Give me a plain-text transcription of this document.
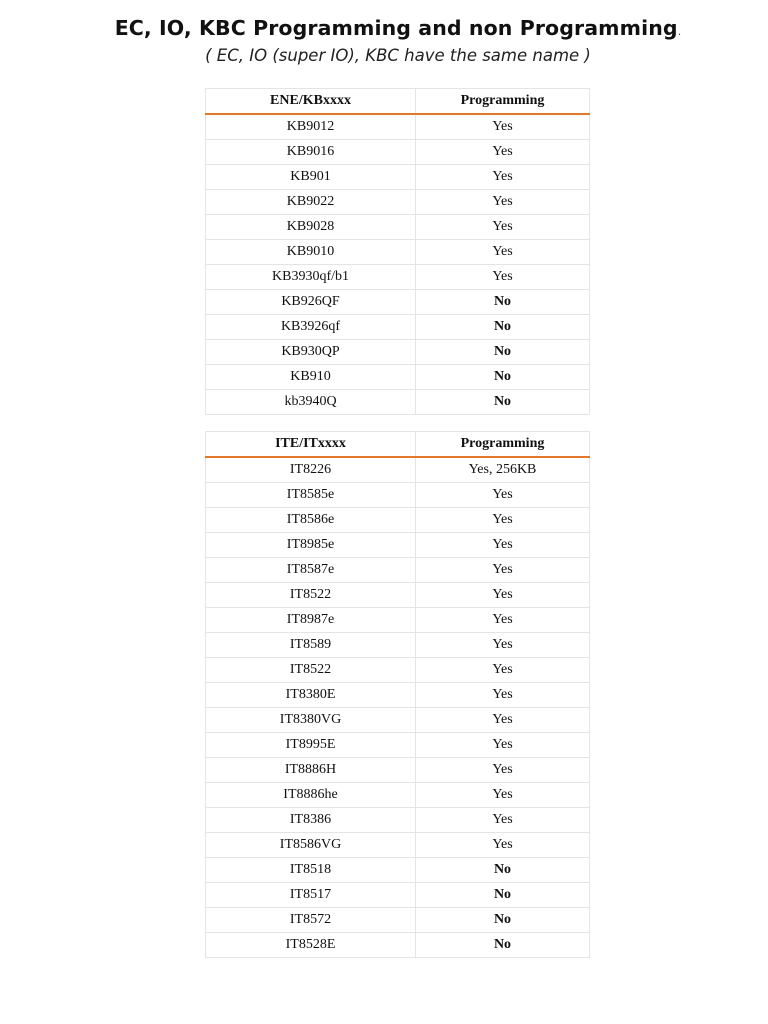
EC, IO, KBC Programming and non Programming.
( EC, IO (super IO), KBC have the same name )
ENE/KBxxxx	Programming
KB9012	Yes
KB9016	Yes
KB901	Yes
KB9022	Yes
KB9028	Yes
KB9010	Yes
KB3930qf/b1	Yes
KB926QF	No
KB3926qf	No
KB930QP	No
KB910	No
kb3940Q	No
ITE/ITxxxx	Programming
IT8226	Yes, 256KB
IT8585e	Yes
IT8586e	Yes
IT8985e	Yes
IT8587e	Yes
IT8522	Yes
IT8987e	Yes
IT8589	Yes
IT8522	Yes
IT8380E	Yes
IT8380VG	Yes
IT8995E	Yes
IT8886H	Yes
IT8886he	Yes
IT8386	Yes
IT8586VG	Yes
IT8518	No
IT8517	No
IT8572	No
IT8528E	No
